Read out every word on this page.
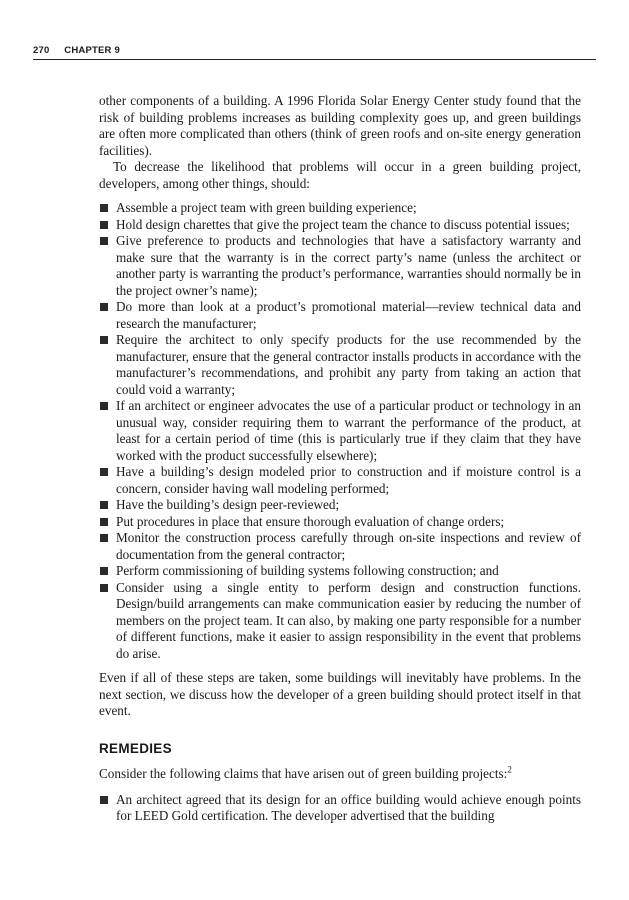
270 CHAPTER 9

other components of a building. A 1996 Florida Solar Energy Center study found that the risk of building problems increases as building complexity goes up, and green buildings are often more complicated than others (think of green roofs and on-site energy generation facilities).

To decrease the likelihood that problems will occur in a green building project, developers, among other things, should:

Assemble a project team with green building experience;
Hold design charettes that give the project team the chance to discuss potential issues;
Give preference to products and technologies that have a satisfactory warranty and make sure that the warranty is in the correct party’s name (unless the architect or another party is warranting the product’s performance, warranties should normally be in the project owner’s name);
Do more than look at a product’s promotional material—review technical data and research the manufacturer;
Require the architect to only specify products for the use recommended by the manufacturer, ensure that the general contractor installs products in accordance with the manufacturer’s recommendations, and prohibit any party from taking an action that could void a warranty;
If an architect or engineer advocates the use of a particular product or technology in an unusual way, consider requiring them to warrant the performance of the product, at least for a certain period of time (this is particularly true if they claim that they have worked with the product successfully elsewhere);
Have a building’s design modeled prior to construction and if moisture control is a concern, consider having wall modeling performed;
Have the building’s design peer-reviewed;
Put procedures in place that ensure thorough evaluation of change orders;
Monitor the construction process carefully through on-site inspections and review of documentation from the general contractor;
Perform commissioning of building systems following construction; and
Consider using a single entity to perform design and construction functions. Design/build arrangements can make communication easier by reducing the number of members on the project team. It can also, by making one party responsible for a number of different functions, make it easier to assign responsibility in the event that problems do arise.

Even if all of these steps are taken, some buildings will inevitably have problems. In the next section, we discuss how the developer of a green building should protect itself in that event.

REMEDIES

Consider the following claims that have arisen out of green building projects:$^2$

An architect agreed that its design for an office building would achieve enough points for LEED Gold certification. The developer advertised that the building
